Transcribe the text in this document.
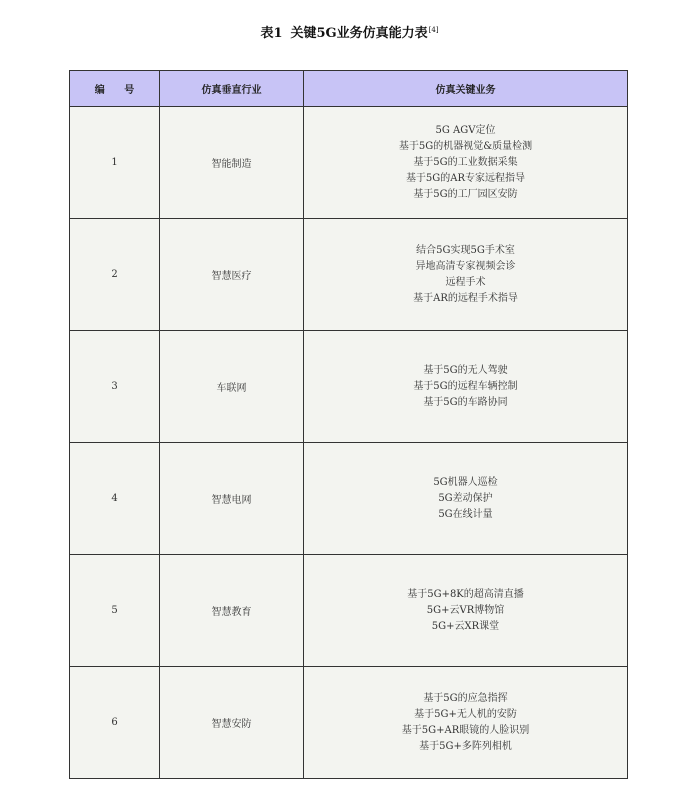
表1 关键5G业务仿真能力表[4]
编 号	仿真垂直行业	仿真关键业务
1	智能制造	5G AGV定位
基于5G的机器视觉&质量检测
基于5G的工业数据采集
基于5G的AR专家远程指导
基于5G的工厂园区安防

2	智慧医疗	结合5G实现5G手术室
异地高清专家视频会诊
远程手术
基于AR的远程手术指导

3	车联网	基于5G的无人驾驶
基于5G的远程车辆控制
基于5G的车路协同

4	智慧电网	5G机器人巡检
5G差动保护
5G在线计量

5	智慧教育	基于5G+8K的超高清直播
5G+云VR博物馆
5G+云XR课堂

6	智慧安防	基于5G的应急指挥
基于5G+无人机的安防
基于5G+AR眼镜的人脸识别
基于5G+多阵列相机
